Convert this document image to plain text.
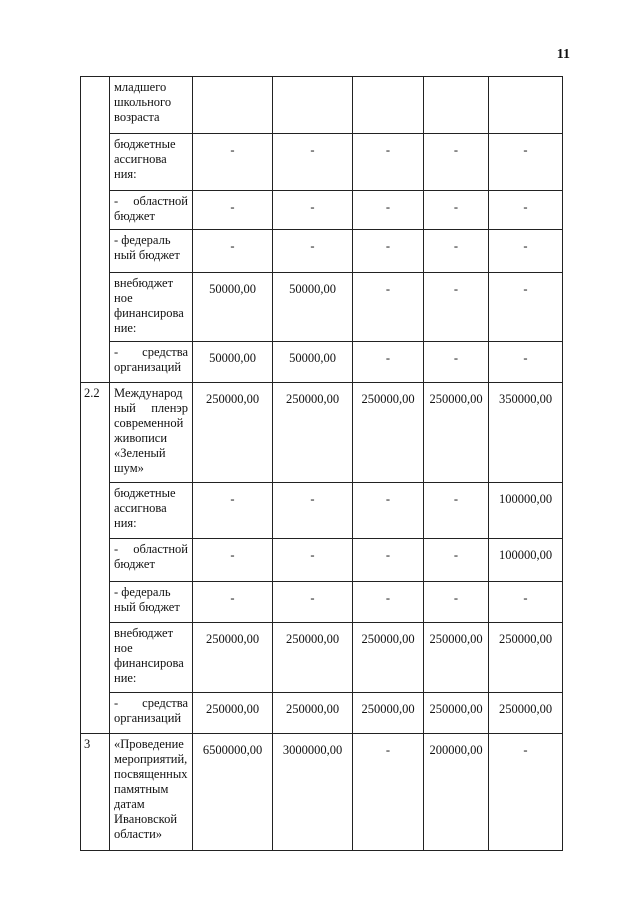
11

	младшего
школьного
возраста					

	бюджетные
ассигнова
ния:	-	-	-	-	-

	- областной
бюджет	-	-	-	-	-

	- федераль
ный бюджет	-	-	-	-	-

	внебюджет
ное
финансирова
ние:	50000,00	50000,00	-	-	-

	- средства
организаций	50000,00	50000,00	-	-	-
2.2	Международ
ный пленэр
современной
живописи
«Зеленый
шум»
	250000,00	250000,00	250000,00	250000,00	350000,00

	бюджетные
ассигнова
ния:	-	-	-	-	100000,00

	- областной
бюджет	-	-	-	-	100000,00

	- федераль
ный бюджет	-	-	-	-	-

	внебюджет
ное
финансирова
ние:	250000,00	250000,00	250000,00	250000,00	250000,00

	- средства
организаций	250000,00	250000,00	250000,00	250000,00	250000,00
3	«Проведение
мероприятий,
посвященных
памятным
датам
Ивановской
области»
	6500000,00	3000000,00	-	200000,00	-
